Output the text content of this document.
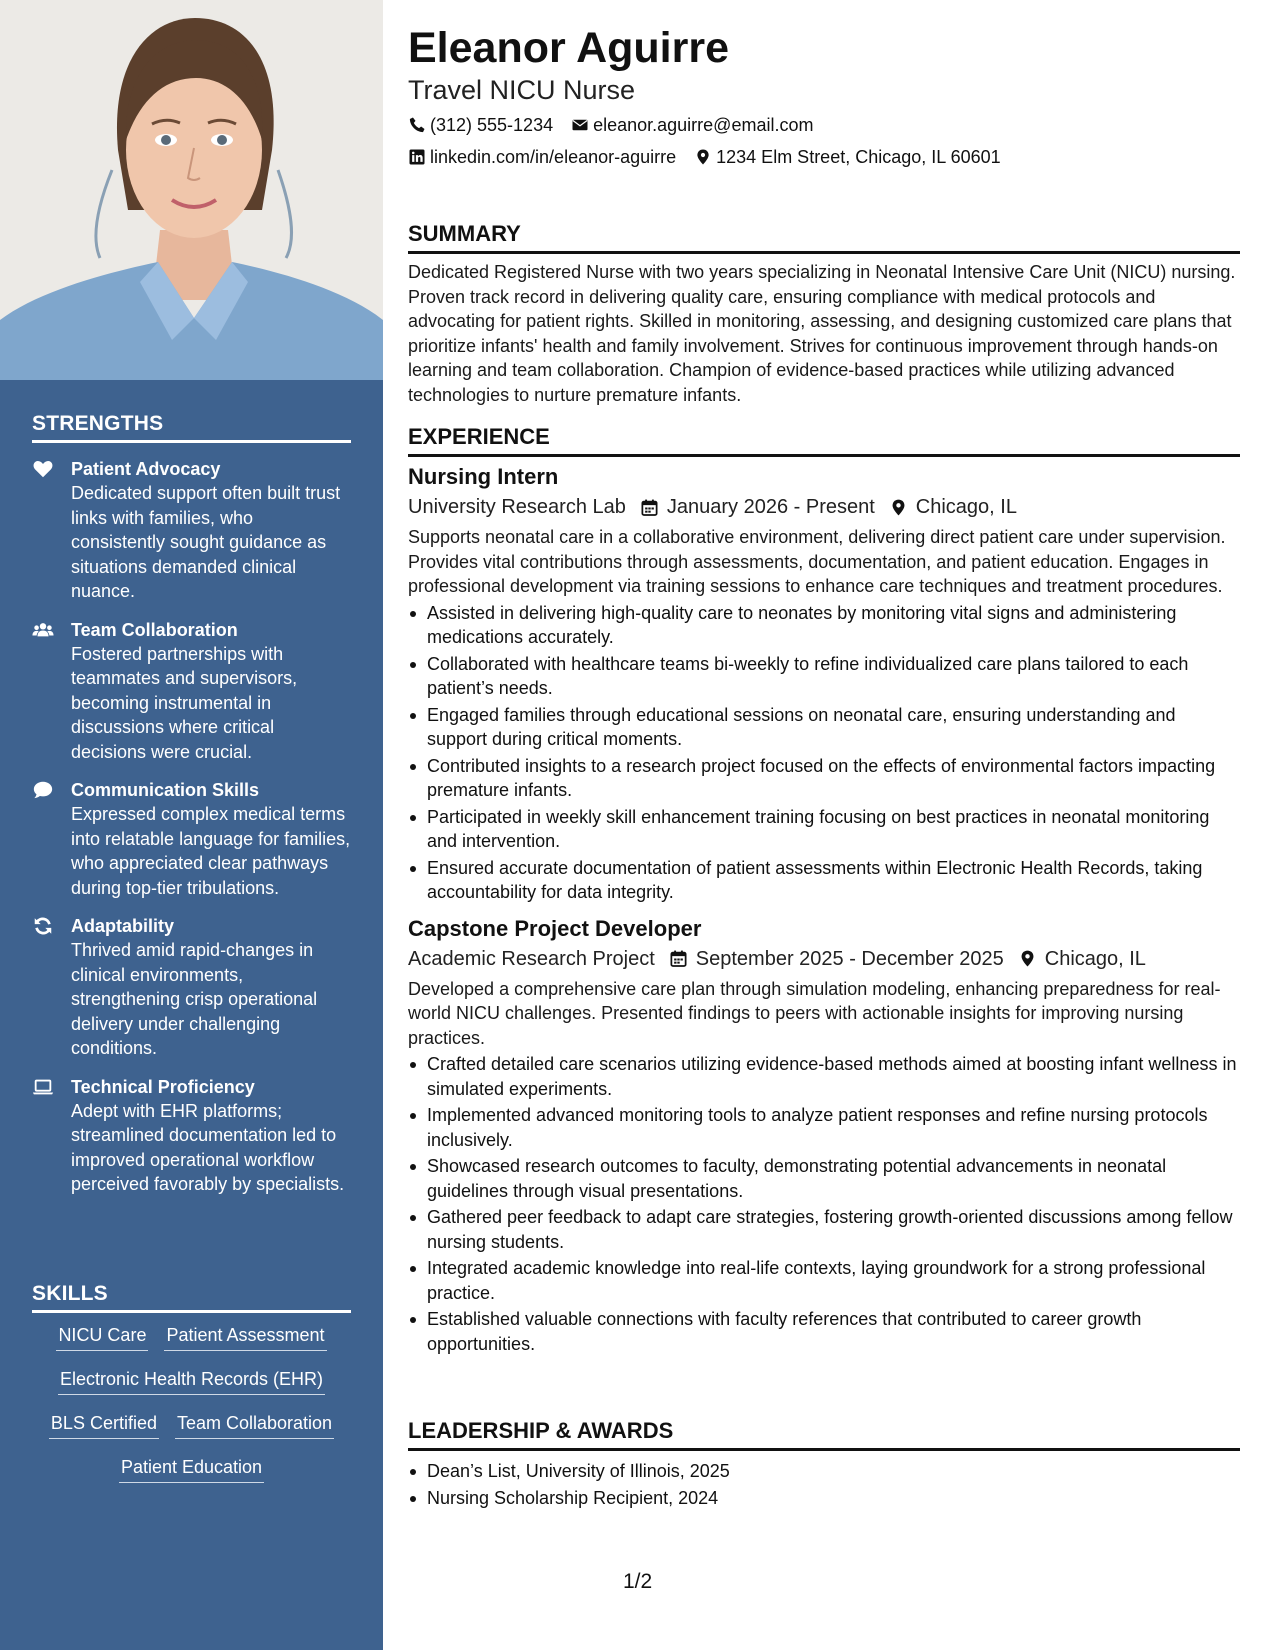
STRENGTHS
Patient Advocacy
Dedicated support often built trust links with families, who consistently sought guidance as situations demanded clinical nuance.
Team Collaboration
Fostered partnerships with teammates and supervisors, becoming instrumental in discussions where critical decisions were crucial.
Communication Skills
Expressed complex medical terms into relatable language for families, who appreciated clear pathways during top-tier tribulations.
Adaptability
Thrived amid rapid-changes in clinical environments, strengthening crisp operational delivery under challenging conditions.
Technical Proficiency
Adept with EHR platforms; streamlined documentation led to improved operational workflow perceived favorably by specialists.
SKILLS
NICU Care Patient Assessment
Electronic Health Records (EHR)
BLS Certified Team Collaboration
Patient Education
Eleanor Aguirre
Travel NICU Nurse
(312) 555-1234 eleanor.aguirre@email.com
linkedin.com/in/eleanor-aguirre 1234 Elm Street, Chicago, IL 60601
SUMMARY
Dedicated Registered Nurse with two years specializing in Neonatal Intensive Care Unit (NICU) nursing. Proven track record in delivering quality care, ensuring compliance with medical protocols and advocating for patient rights. Skilled in monitoring, assessing, and designing customized care plans that prioritize infants' health and family involvement. Strives for continuous improvement through hands-on learning and team collaboration. Champion of evidence-based practices while utilizing advanced technologies to nurture premature infants.
EXPERIENCE
Nursing Intern
University Research Lab January 2026 - Present Chicago, IL
Supports neonatal care in a collaborative environment, delivering direct patient care under supervision. Provides vital contributions through assessments, documentation, and patient education. Engages in professional development via training sessions to enhance care techniques and treatment procedures.
Assisted in delivering high-quality care to neonates by monitoring vital signs and administering medications accurately.
Collaborated with healthcare teams bi-weekly to refine individualized care plans tailored to each patient’s needs.
Engaged families through educational sessions on neonatal care, ensuring understanding and support during critical moments.
Contributed insights to a research project focused on the effects of environmental factors impacting premature infants.
Participated in weekly skill enhancement training focusing on best practices in neonatal monitoring and intervention.
Ensured accurate documentation of patient assessments within Electronic Health Records, taking accountability for data integrity.
Capstone Project Developer
Academic Research Project September 2025 - December 2025 Chicago, IL
Developed a comprehensive care plan through simulation modeling, enhancing preparedness for real-world NICU challenges. Presented findings to peers with actionable insights for improving nursing practices.
Crafted detailed care scenarios utilizing evidence-based methods aimed at boosting infant wellness in simulated experiments.
Implemented advanced monitoring tools to analyze patient responses and refine nursing protocols inclusively.
Showcased research outcomes to faculty, demonstrating potential advancements in neonatal guidelines through visual presentations.
Gathered peer feedback to adapt care strategies, fostering growth-oriented discussions among fellow nursing students.
Integrated academic knowledge into real-life contexts, laying groundwork for a strong professional practice.
Established valuable connections with faculty references that contributed to career growth opportunities.
LEADERSHIP & AWARDS
Dean’s List, University of Illinois, 2025
Nursing Scholarship Recipient, 2024
1/2
